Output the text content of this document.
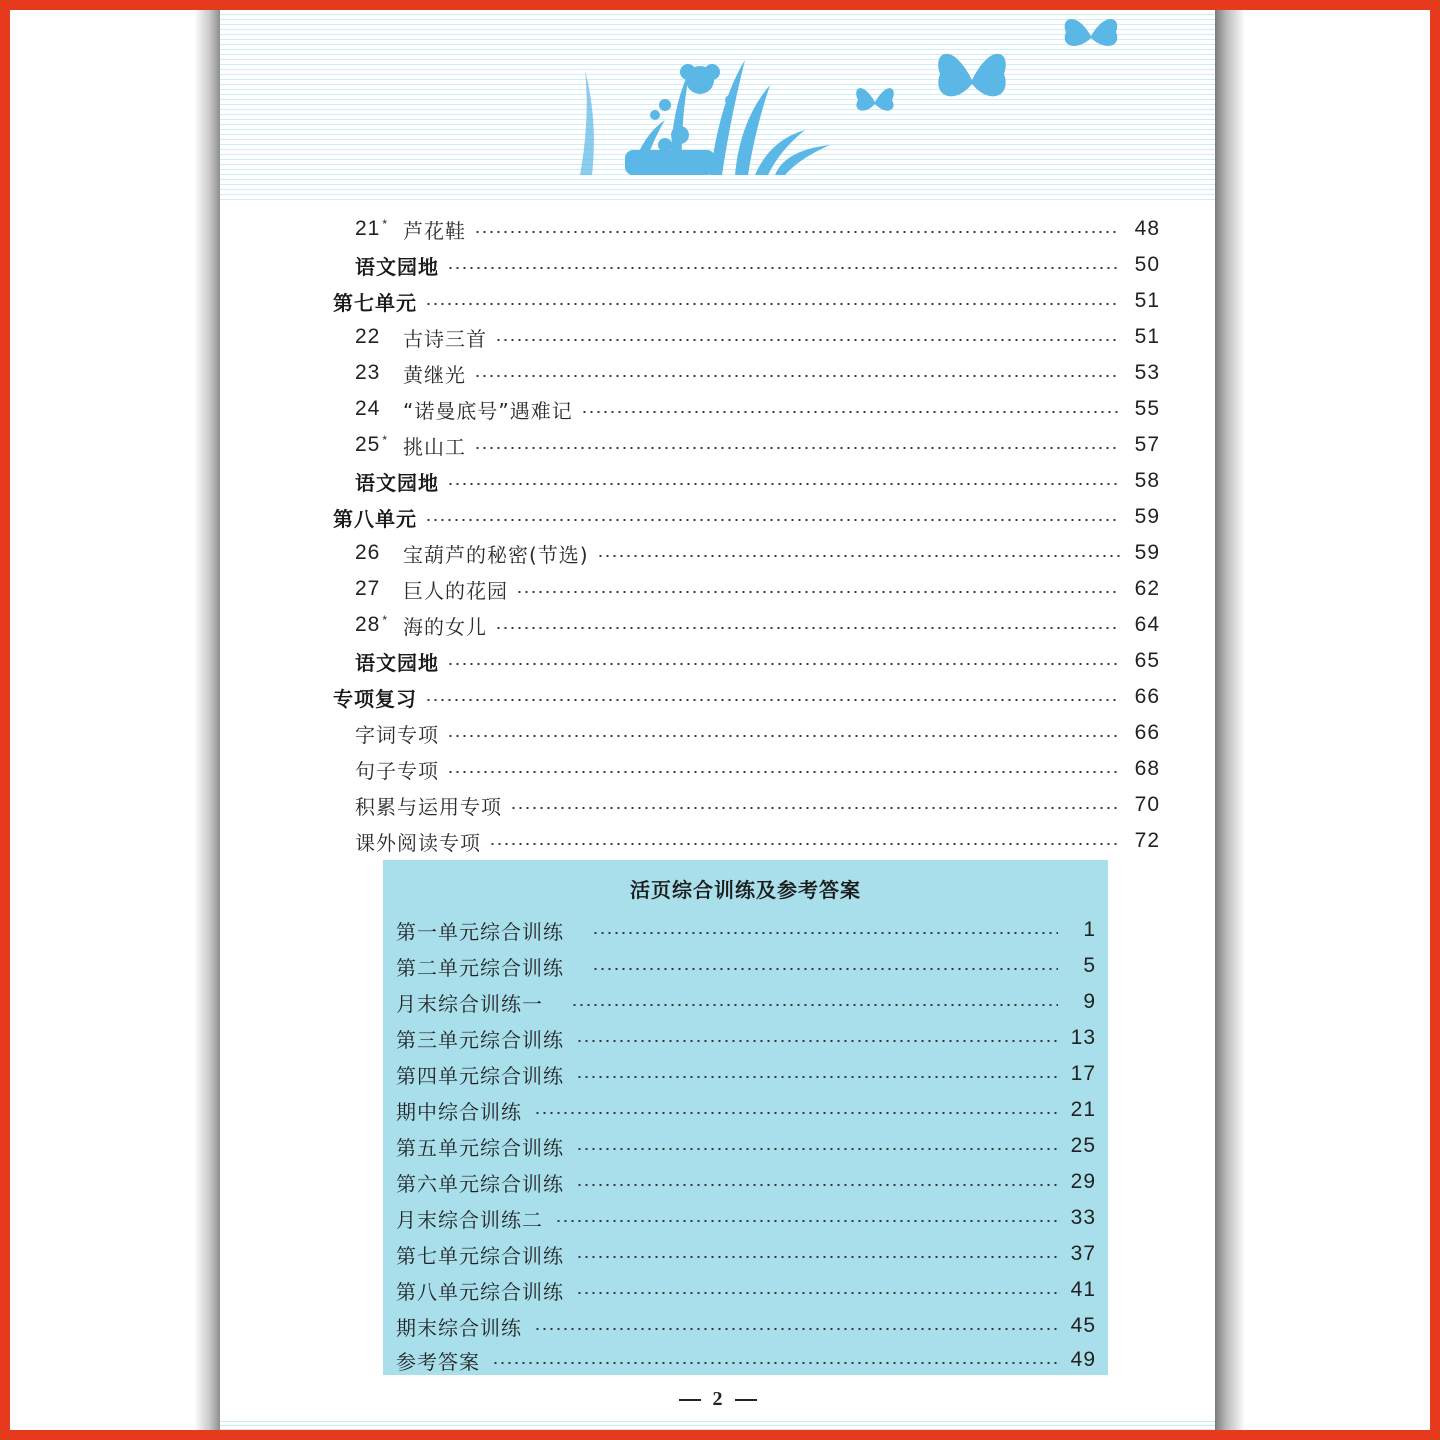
21 * 芦花鞋	48
语文园地	50
第七单元	51
22	古诗三首	51
23	黄继光	53
24	“诺曼底号”遇难记	55
25 * 挑山工	57
语文园地	58
第八单元	59
26	宝葫芦的秘密(节选)	59
27	巨人的花园	62
28 * 海的女儿	64
语文园地	65
专项复习	66
字词专项	66
句子专项	68
积累与运用专项	70
课外阅读专项	72
活页综合训练及参考答案
第一单元综合训练	1
第二单元综合训练	5
月末综合训练一	9
第三单元综合训练	13
第四单元综合训练	17
期中综合训练	21
第五单元综合训练	25
第六单元综合训练	29
月末综合训练二	33
第七单元综合训练	37
第八单元综合训练	41
期末综合训练	45
参考答案	49
2
